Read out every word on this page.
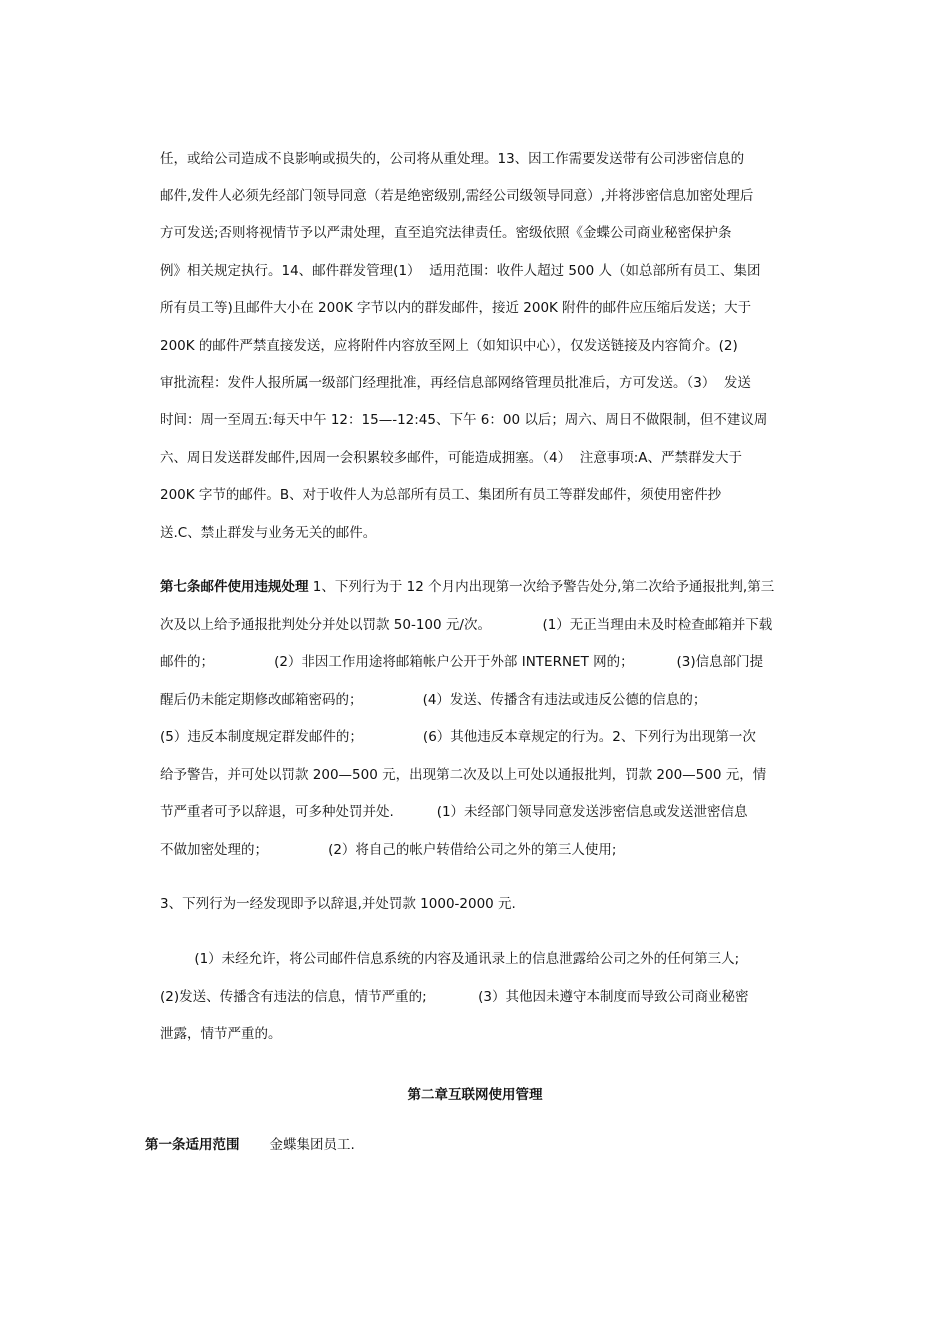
任，或给公司造成不良影响或损失的，公司将从重处理。13、因工作需要发送带有公司涉密信息的

邮件,发件人必须先经部门领导同意（若是绝密级别,需经公司级领导同意）,并将涉密信息加密处理后

方可发送;否则将视情节予以严肃处理，直至追究法律责任。密级依照《金蝶公司商业秘密保护条

例》相关规定执行。14、邮件群发管理(1）  适用范围：收件人超过 500 人（如总部所有员工、集团

所有员工等)且邮件大小在 200K 字节以内的群发邮件，接近 200K 附件的邮件应压缩后发送；大于

200K 的邮件严禁直接发送，应将附件内容放至网上（如知识中心），仅发送链接及内容简介。(2)

审批流程：发件人报所属一级部门经理批准，再经信息部网络管理员批准后，方可发送。（3）  发送

时间：周一至周五:每天中午 12：15—-12:45、下午 6：00 以后；周六、周日不做限制，但不建议周

六、周日发送群发邮件,因周一会积累较多邮件，可能造成拥塞。（4）  注意事项:A、严禁群发大于

200K 字节的邮件。B、对于收件人为总部所有员工、集团所有员工等群发邮件，须使用密件抄

送.C、禁止群发与业务无关的邮件。

第七条邮件使用违规处理 1、下列行为于 12 个月内出现第一次给予警告处分,第二次给予通报批判,第三

次及以上给予通报批判处分并处以罚款 50-100 元/次。            (1）无正当理由未及时检查邮箱并下载

邮件的；              (2）非因工作用途将邮箱帐户公开于外部 INTERNET 网的；          (3)信息部门提

醒后仍未能定期修改邮箱密码的；              (4）发送、传播含有违法或违反公德的信息的；

(5）违反本制度规定群发邮件的；              (6）其他违反本章规定的行为。2、下列行为出现第一次

给予警告，并可处以罚款 200—500 元，出现第二次及以上可处以通报批判，罚款 200—500 元，情

节严重者可予以辞退，可多种处罚并处.          (1）未经部门领导同意发送涉密信息或发送泄密信息

不做加密处理的；              (2）将自己的帐户转借给公司之外的第三人使用;

3、下列行为一经发现即予以辞退,并处罚款 1000-2000 元.

(1）未经允许，将公司邮件信息系统的内容及通讯录上的信息泄露给公司之外的任何第三人;

(2)发送、传播含有违法的信息，情节严重的;            (3）其他因未遵守本制度而导致公司商业秘密

泄露，情节严重的。

第二章互联网使用管理

第一条适用范围 金蝶集团员工.
